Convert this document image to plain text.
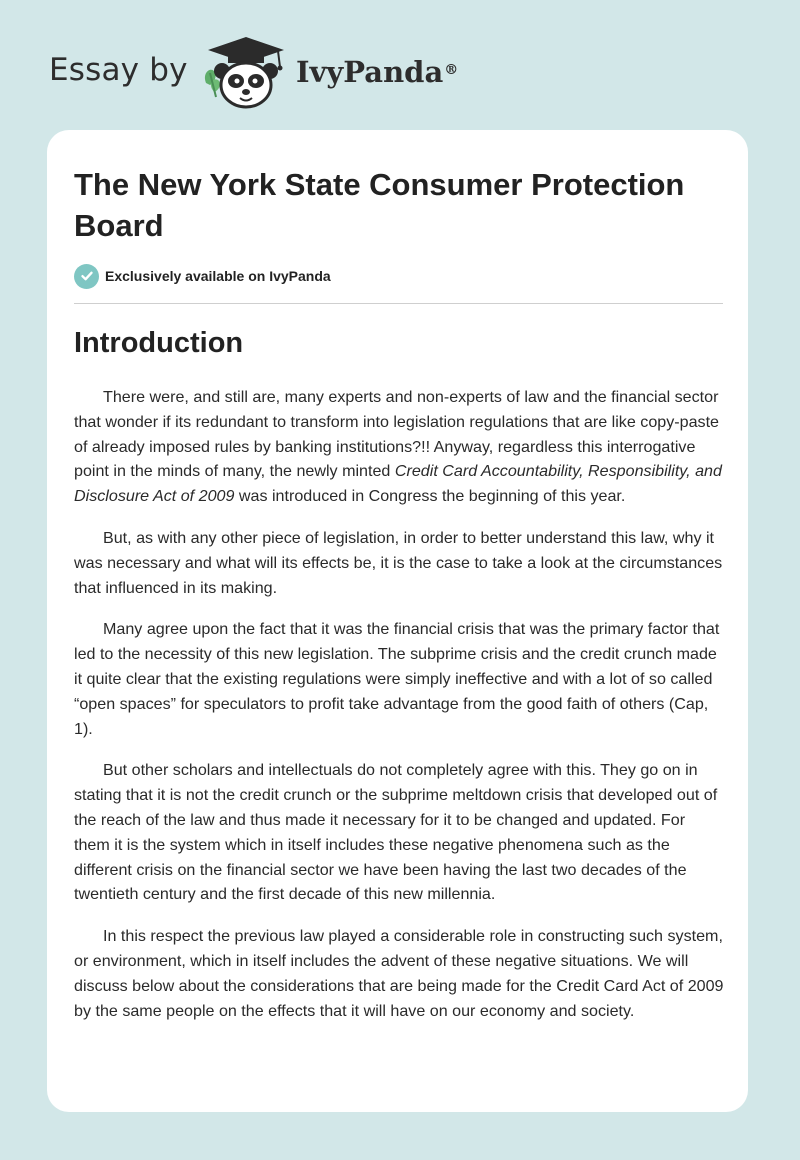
Essay by	IvyPanda®
The New York State Consumer Protection Board
Exclusively available on IvyPanda
Introduction

There were, and still are, many experts and non-experts of law and the financial sector that wonder if its redundant to transform into legislation regulations that are like copy-paste of already imposed rules by banking institutions?!! Anyway, regardless this interrogative point in the minds of many, the newly minted Credit Card Accountability, Responsibility, and Disclosure Act of 2009 was introduced in Congress the beginning of this year.

But, as with any other piece of legislation, in order to better understand this law, why it was necessary and what will its effects be, it is the case to take a look at the circumstances that influenced in its making.

Many agree upon the fact that it was the financial crisis that was the primary factor that led to the necessity of this new legislation. The subprime crisis and the credit crunch made it quite clear that the existing regulations were simply ineffective and with a lot of so called “open spaces” for speculators to profit take advantage from the good faith of others (Cap, 1).

But other scholars and intellectuals do not completely agree with this. They go on in stating that it is not the credit crunch or the subprime meltdown crisis that developed out of the reach of the law and thus made it necessary for it to be changed and updated. For them it is the system which in itself includes these negative phenomena such as the different crisis on the financial sector we have been having the last two decades of the twentieth century and the first decade of this new millennia.

In this respect the previous law played a considerable role in constructing such system, or environment, which in itself includes the advent of these negative situations. We will discuss below about the considerations that are being made for the Credit Card Act of 2009 by the same people on the effects that it will have on our economy and society.
